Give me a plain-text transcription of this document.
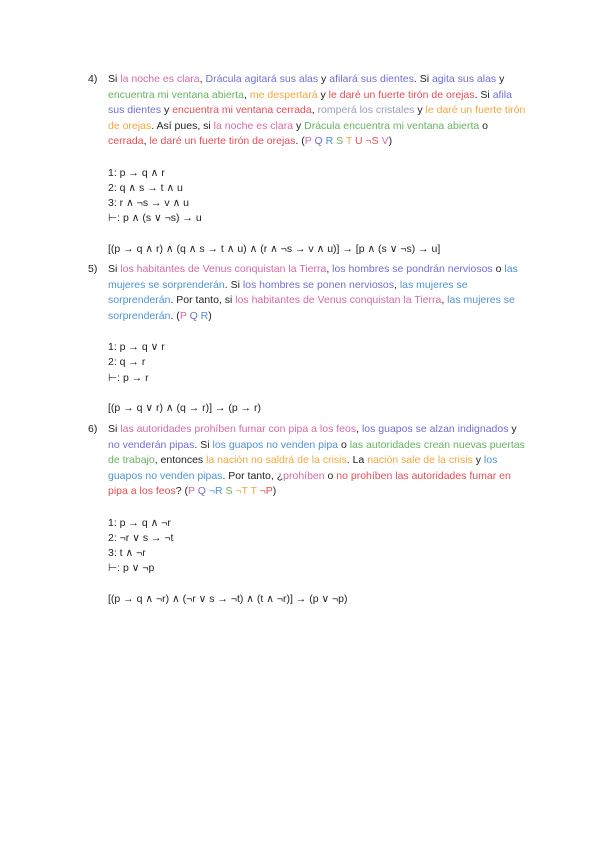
4) Si la noche es clara, Drácula agitará sus alas y afilará sus dientes. Si agita sus alas y encuentra mi ventana abierta, me despertará y le daré un fuerte tirón de orejas. Si afila sus dientes y encuentra mi ventana cerrada, romperá los cristales y le daré un fuerte tirón de orejas. Así pues, si la noche es clara y Drácula encuentra mi ventana abierta o cerrada, le daré un fuerte tirón de orejas. (P Q R S T U ¬S V)
1: p → q ∧ r
2: q ∧ s → t ∧ u
3: r ∧ ¬s → v ∧ u
⊢: p ∧ (s ∨ ¬s) → u
[(p → q ∧ r) ∧ (q ∧ s → t ∧ u) ∧ (r ∧ ¬s → v ∧ u)] → [p ∧ (s ∨ ¬s) → u]
5) Si los habitantes de Venus conquistan la Tierra, los hombres se pondrán nerviosos o las mujeres se sorprenderán. Si los hombres se ponen nerviosos, las mujeres se sorprenderán. Por tanto, si los habitantes de Venus conquistan la Tierra, las mujeres se sorprenderán. (P Q R)
1: p → q ∨ r
2: q → r
⊢: p → r
[(p → q ∨ r) ∧ (q → r)] → (p → r)
6) Si las autoridades prohíben fumar con pipa a los feos, los guapos se alzan indignados y no venderán pipas. Si los guapos no venden pipa o las autoridades crean nuevas puertas de trabajo, entonces la nación no saldrá de la crisis. La nación sale de la crisis y los guapos no venden pipas. Por tanto, ¿prohíben o no prohíben las autoridades fumar en pipa a los feos? (P Q ¬R S ¬T T ¬P)
1: p → q ∧ ¬r
2: ¬r ∨ s → ¬t
3: t ∧ ¬r
⊢: p ∨ ¬p
[(p → q ∧ ¬r) ∧ (¬r ∨ s → ¬t) ∧ (t ∧ ¬r)] → (p ∨ ¬p)
